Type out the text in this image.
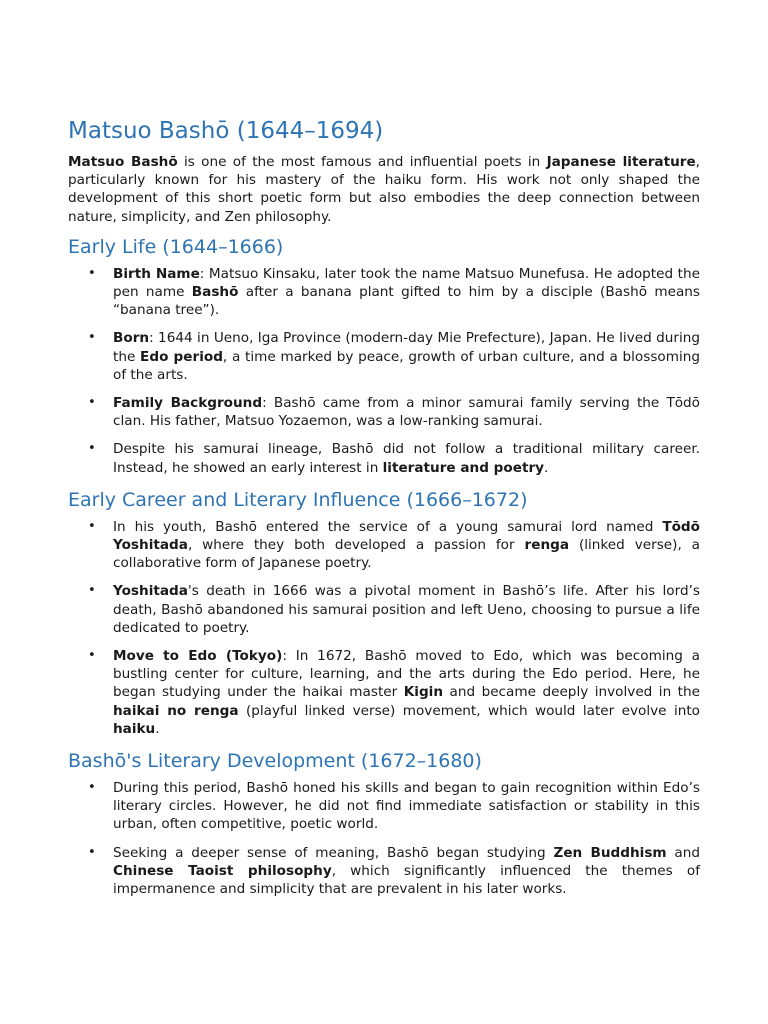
Matsuo Bashō (1644–1694)

Matsuo Bashō is one of the most famous and influential poets in Japanese literature, particularly known for his mastery of the haiku form. His work not only shaped the development of this short poetic form but also embodies the deep connection between nature, simplicity, and Zen philosophy.

Early Life (1644–1666)
• Birth Name: Matsuo Kinsaku, later took the name Matsuo Munefusa. He adopted the pen name Bashō after a banana plant gifted to him by a disciple (Bashō means “banana tree”).
• Born: 1644 in Ueno, Iga Province (modern-day Mie Prefecture), Japan. He lived during the Edo period, a time marked by peace, growth of urban culture, and a blossoming of the arts.
• Family Background: Bashō came from a minor samurai family serving the Tōdō clan. His father, Matsuo Yozaemon, was a low-ranking samurai.
• Despite his samurai lineage, Bashō did not follow a traditional military career. Instead, he showed an early interest in literature and poetry.
Early Career and Literary Influence (1666–1672)
• In his youth, Bashō entered the service of a young samurai lord named Tōdō Yoshitada, where they both developed a passion for renga (linked verse), a collaborative form of Japanese poetry.
• Yoshitada's death in 1666 was a pivotal moment in Bashō’s life. After his lord’s death, Bashō abandoned his samurai position and left Ueno, choosing to pursue a life dedicated to poetry.
• Move to Edo (Tokyo): In 1672, Bashō moved to Edo, which was becoming a bustling center for culture, learning, and the arts during the Edo period. Here, he began studying under the haikai master Kigin and became deeply involved in the haikai no renga (playful linked verse) movement, which would later evolve into haiku.
Bashō's Literary Development (1672–1680)
• During this period, Bashō honed his skills and began to gain recognition within Edo’s literary circles. However, he did not find immediate satisfaction or stability in this urban, often competitive, poetic world.
• Seeking a deeper sense of meaning, Bashō began studying Zen Buddhism and Chinese Taoist philosophy, which significantly influenced the themes of impermanence and simplicity that are prevalent in his later works.
